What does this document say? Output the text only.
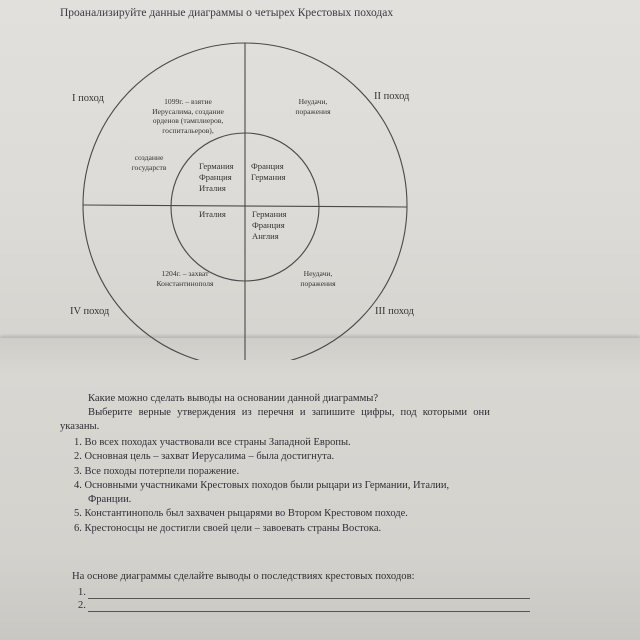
Проанализируйте данные диаграммы о четырех Крестовых походах
I поход	II поход
III поход
IV поход
1099г. – взятие
Иерусалима, создание
орденов (тамплиеров,
госпитальеров),
создание
государств
Неудачи,
поражения
1204г. – захват
Константинополя
Неудачи,
поражения
Германия
Франция
Италия
Франция
Германия
Италия	Германия
Франция
Англия
Какие можно сделать выводы на основании данной диаграммы?
Выберите верные утверждения из перечня и запишите цифры, под которыми они
указаны.
1. Во всех походах участвовали все страны Западной Европы.
2. Основная цель – захват Иерусалима – была достигнута.
3. Все походы потерпели поражение.
4. Основными участниками Крестовых походов были рыцари из Германии, Италии,
Франции.
5. Константинополь был захвачен рыцарями во Втором Крестовом походе.
6. Крестоносцы не достигли своей цели – завоевать страны Востока.
На основе диаграммы сделайте выводы о последствиях крестовых походов:
1.
2.
